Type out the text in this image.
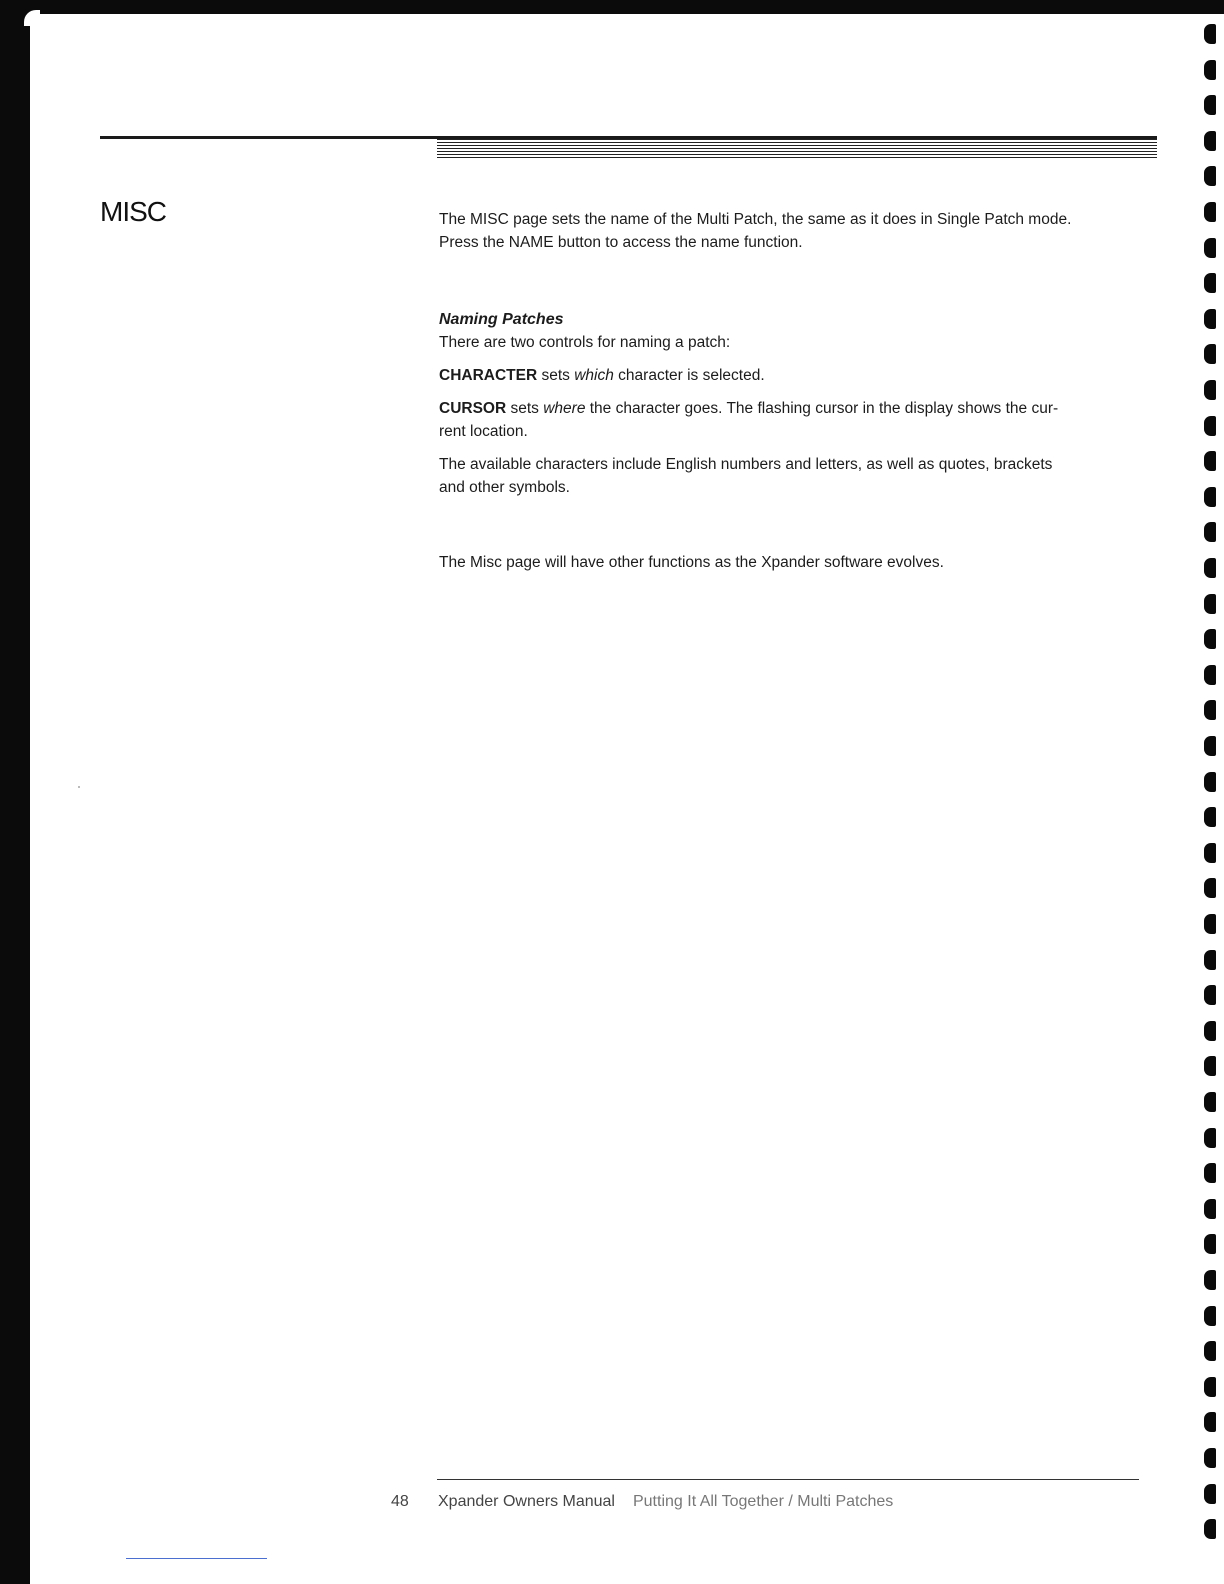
MISC	The MISC page sets the name of the Multi Patch, the same as it does in Single Patch mode.
Press the NAME button to access the name function.

Naming Patches

There are two controls for naming a patch:

CHARACTER sets which character is selected.

CURSOR sets where the character goes. The flashing cursor in the display shows the cur-
rent location.

The available characters include English numbers and letters, as well as quotes, brackets
and other symbols.

The Misc page will have other functions as the Xpander software evolves.

48 Xpander Owners Manual Putting It All Together / Multi Patches
